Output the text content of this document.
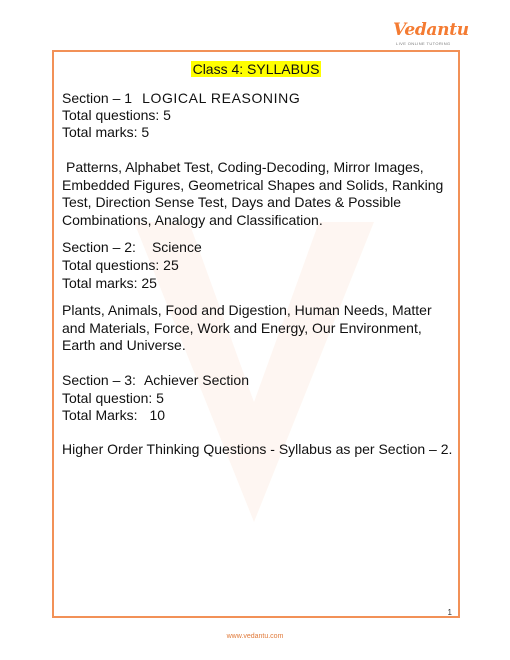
Vedantu
LIVE ONLINE TUTORING
Class 4: SYLLABUS
Section – 1 LOGICAL REASONING
Total questions: 5
Total marks: 5
Patterns, Alphabet Test, Coding-Decoding, Mirror Images, Embedded Figures, Geometrical Shapes and Solids, Ranking Test, Direction Sense Test, Days and Dates & Possible Combinations, Analogy and Classification.
Section – 2: Science
Total questions: 25
Total marks: 25
Plants, Animals, Food and Digestion, Human Needs, Matter and Materials, Force, Work and Energy, Our Environment, Earth and Universe.
Section – 3: Achiever Section
Total question: 5
Total Marks: 10
Higher Order Thinking Questions - Syllabus as per Section – 2.
1
www.vedantu.com
